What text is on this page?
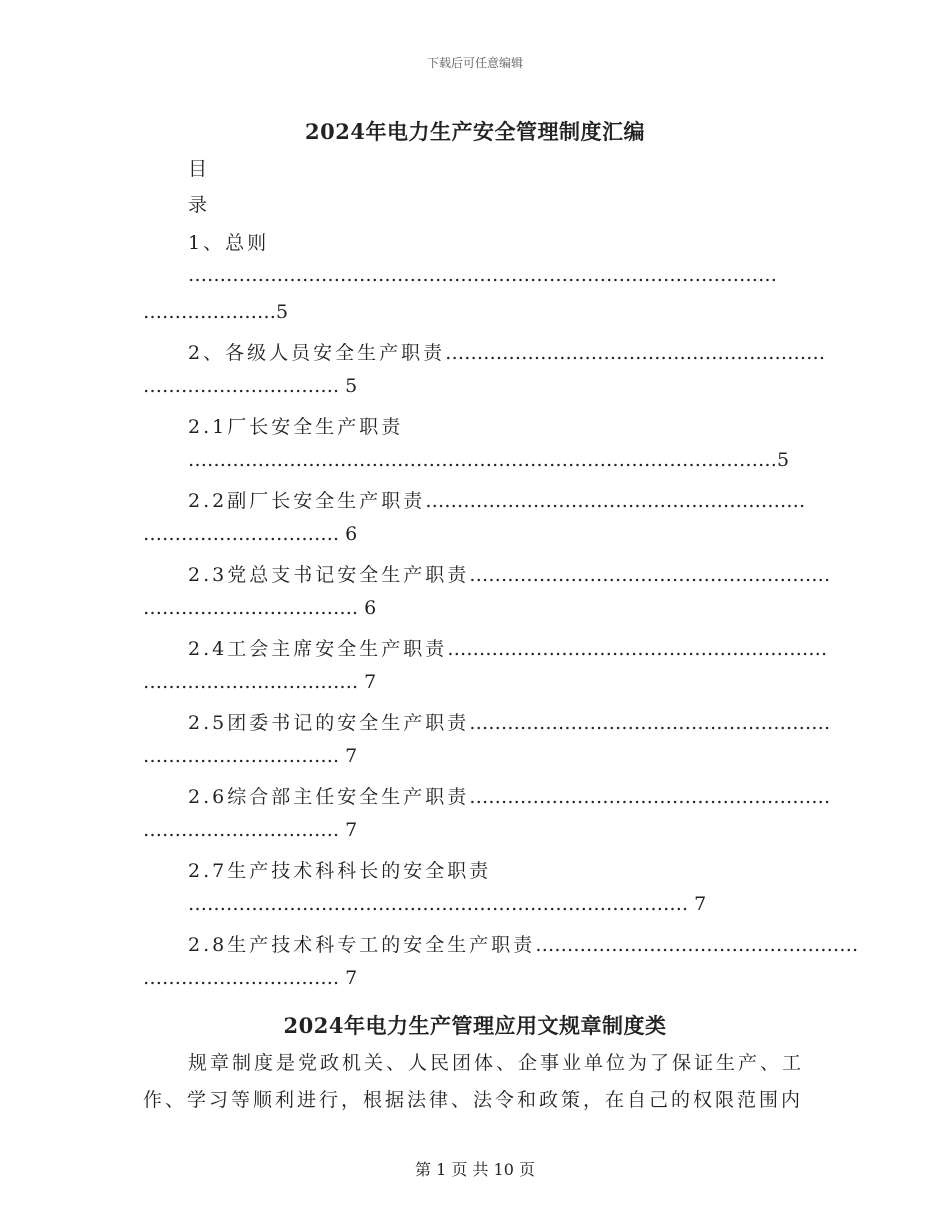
下载后可任意编辑
2024年电力生产安全管理制度汇编
目
录
1、总则
…………………………………………………………………………………
…………………5
2、各级人员安全生产职责……………………………………………………
…………………………. 5
2.1厂长安全生产职责
…………………………………………………………………………………5
2.2副厂长安全生产职责……………………………………………………
…………………………. 6
2.3党总支书记安全生产职责…………………………………………………
……………………………. 6
2.4工会主席安全生产职责……………………………………………………
……………………………. 7
2.5团委书记的安全生产职责…………………………………………………
…………………………. 7
2.6综合部主任安全生产职责…………………………………………………
…………………………. 7
2.7生产技术科科长的安全职责
……………………………………………………………………. 7
2.8生产技术科专工的安全生产职责……………………………………………
…………………………. 7
2024年电力生产管理应用文规章制度类
规章制度是党政机关、人民团体、企事业单位为了保证生产、工
作、学习等顺利进行，根据法律、法令和政策，在自己的权限范围内
第 1 页 共 10 页
